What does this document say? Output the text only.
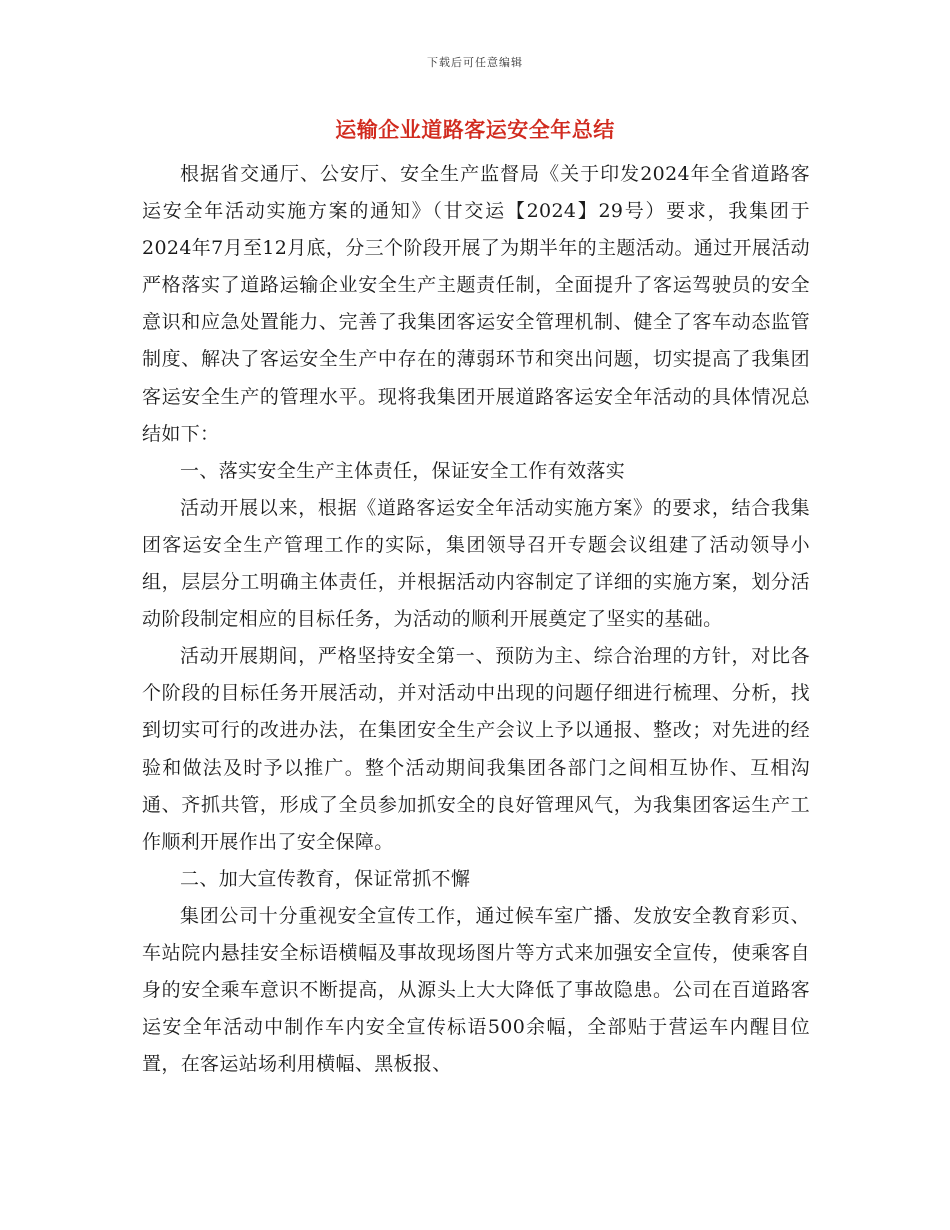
下载后可任意编辑
运输企业道路客运安全年总结

根据省交通厅、公安厅、安全生产监督局《关于印发2024年全省道路客运安全年活动实施方案的通知》（甘交运【2024】29号）要求，我集团于2024年7月至12月底，分三个阶段开展了为期半年的主题活动。通过开展活动严格落实了道路运输企业安全生产主题责任制，全面提升了客运驾驶员的安全意识和应急处置能力、完善了我集团客运安全管理机制、健全了客车动态监管制度、解决了客运安全生产中存在的薄弱环节和突出问题，切实提高了我集团客运安全生产的管理水平。现将我集团开展道路客运安全年活动的具体情况总结如下：

一、落实安全生产主体责任，保证安全工作有效落实

活动开展以来，根据《道路客运安全年活动实施方案》的要求，结合我集团客运安全生产管理工作的实际，集团领导召开专题会议组建了活动领导小组，层层分工明确主体责任，并根据活动内容制定了详细的实施方案，划分活动阶段制定相应的目标任务，为活动的顺利开展奠定了坚实的基础。

活动开展期间，严格坚持安全第一、预防为主、综合治理的方针，对比各个阶段的目标任务开展活动，并对活动中出现的问题仔细进行梳理、分析，找到切实可行的改进办法，在集团安全生产会议上予以通报、整改；对先进的经验和做法及时予以推广。整个活动期间我集团各部门之间相互协作、互相沟通、齐抓共管，形成了全员参加抓安全的良好管理风气，为我集团客运生产工作顺利开展作出了安全保障。

二、加大宣传教育，保证常抓不懈

集团公司十分重视安全宣传工作，通过候车室广播、发放安全教育彩页、车站院内悬挂安全标语横幅及事故现场图片等方式来加强安全宣传，使乘客自身的安全乘车意识不断提高，从源头上大大降低了事故隐患。公司在百道路客运安全年活动中制作车内安全宣传标语500余幅，全部贴于营运车内醒目位置，在客运站场利用横幅、黑板报、
